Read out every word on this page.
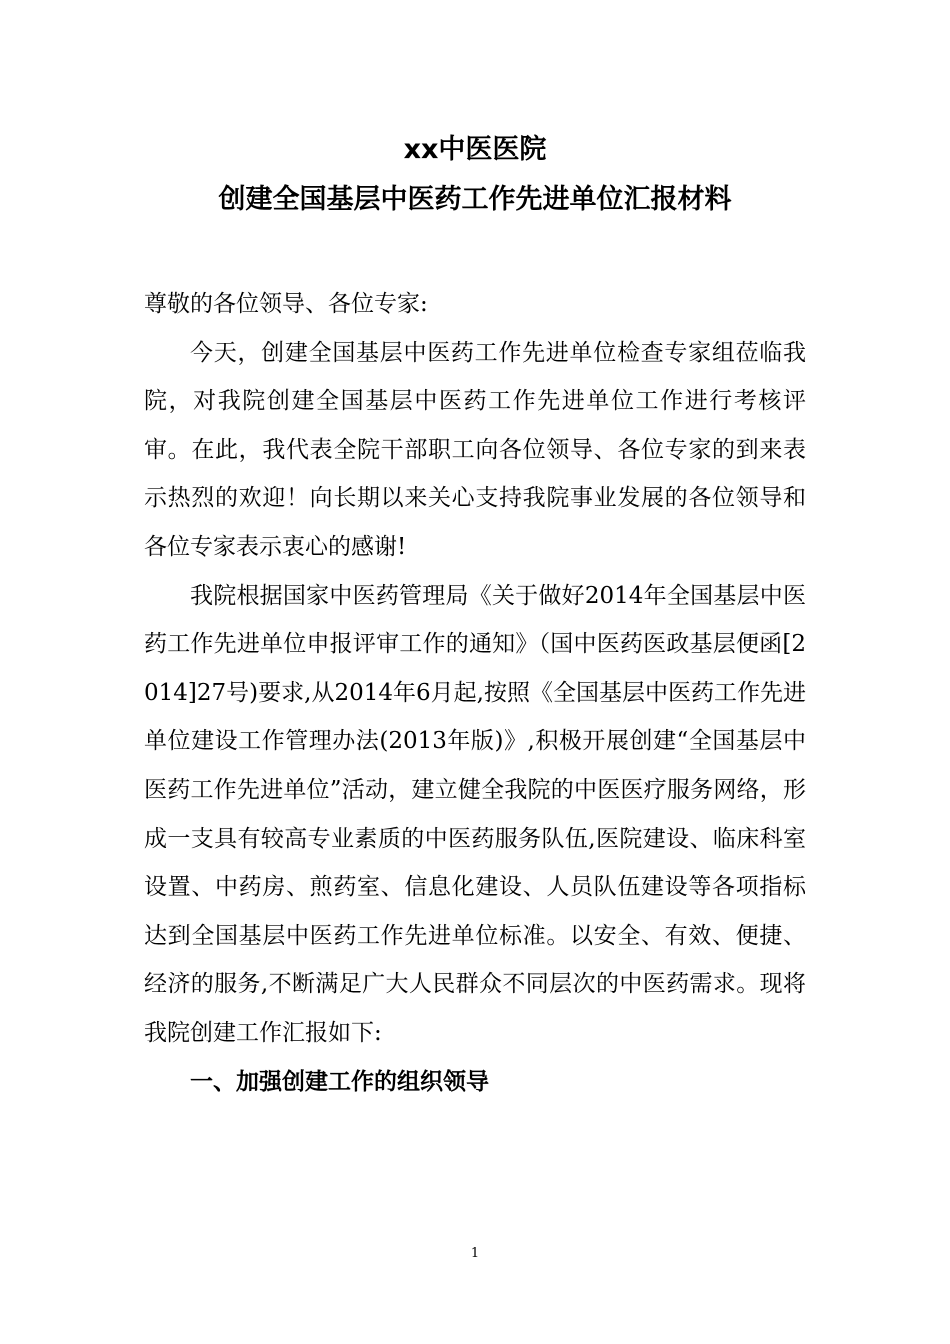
xx中医医院
创建全国基层中医药工作先进单位汇报材料

尊敬的各位领导、各位专家:

今天，创建全国基层中医药工作先进单位检查专家组莅临我院，对我院创建全国基层中医药工作先进单位工作进行考核评审。在此，我代表全院干部职工向各位领导、各位专家的到来表示热烈的欢迎！向长期以来关心支持我院事业发展的各位领导和各位专家表示衷心的感谢!

我院根据国家中医药管理局《关于做好2014年全国基层中医药工作先进单位申报评审工作的通知》（国中医药医政基层便函[2014]27号)要求,从2014年6月起,按照《全国基层中医药工作先进单位建设工作管理办法(2013年版)》,积极开展创建“全国基层中医药工作先进单位”活动，建立健全我院的中医医疗服务网络，形成一支具有较高专业素质的中医药服务队伍,医院建设、临床科室设置、中药房、煎药室、信息化建设、人员队伍建设等各项指标达到全国基层中医药工作先进单位标准。以安全、有效、便捷、经济的服务,不断满足广大人民群众不同层次的中医药需求。现将我院创建工作汇报如下:

一、加强创建工作的组织领导

1
